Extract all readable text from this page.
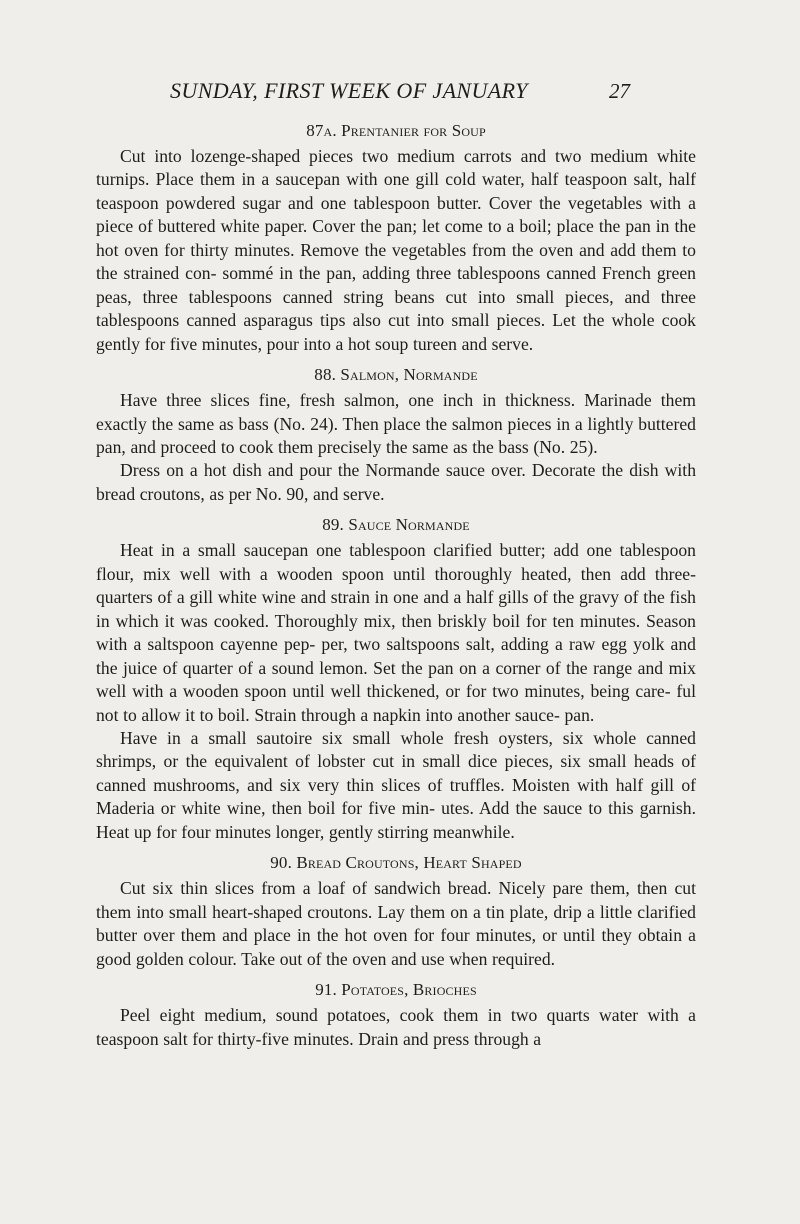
SUNDAY, FIRST WEEK OF JANUARY	27
87a. Prentanier for Soup

Cut into lozenge-shaped pieces two medium carrots and two medium white turnips. Place them in a saucepan with one gill cold water, half teaspoon salt, half teaspoon powdered sugar and one tablespoon butter. Cover the vegetables with a piece of buttered white paper. Cover the pan; let come to a boil; place the pan in the hot oven for thirty minutes. Remove the vegetables from the oven and add them to the strained con- sommé in the pan, adding three tablespoons canned French green peas, three tablespoons canned string beans cut into small pieces, and three tablespoons canned asparagus tips also cut into small pieces. Let the whole cook gently for five minutes, pour into a hot soup tureen and serve.

88. Salmon, Normande

Have three slices fine, fresh salmon, one inch in thickness. Marinade them exactly the same as bass (No. 24). Then place the salmon pieces in a lightly buttered pan, and proceed to cook them precisely the same as the bass (No. 25).

Dress on a hot dish and pour the Normande sauce over. Decorate the dish with bread croutons, as per No. 90, and serve.

89. Sauce Normande

Heat in a small saucepan one tablespoon clarified butter; add one tablespoon flour, mix well with a wooden spoon until thoroughly heated, then add three-quarters of a gill white wine and strain in one and a half gills of the gravy of the fish in which it was cooked. Thoroughly mix, then briskly boil for ten minutes. Season with a saltspoon cayenne pep- per, two saltspoons salt, adding a raw egg yolk and the juice of quarter of a sound lemon. Set the pan on a corner of the range and mix well with a wooden spoon until well thickened, or for two minutes, being care- ful not to allow it to boil. Strain through a napkin into another sauce- pan.

Have in a small sautoire six small whole fresh oysters, six whole canned shrimps, or the equivalent of lobster cut in small dice pieces, six small heads of canned mushrooms, and six very thin slices of truffles. Moisten with half gill of Maderia or white wine, then boil for five min- utes. Add the sauce to this garnish. Heat up for four minutes longer, gently stirring meanwhile.

90. Bread Croutons, Heart Shaped

Cut six thin slices from a loaf of sandwich bread. Nicely pare them, then cut them into small heart-shaped croutons. Lay them on a tin plate, drip a little clarified butter over them and place in the hot oven for four minutes, or until they obtain a good golden colour. Take out of the oven and use when required.

91. Potatoes, Brioches

Peel eight medium, sound potatoes, cook them in two quarts water with a teaspoon salt for thirty-five minutes. Drain and press through a
